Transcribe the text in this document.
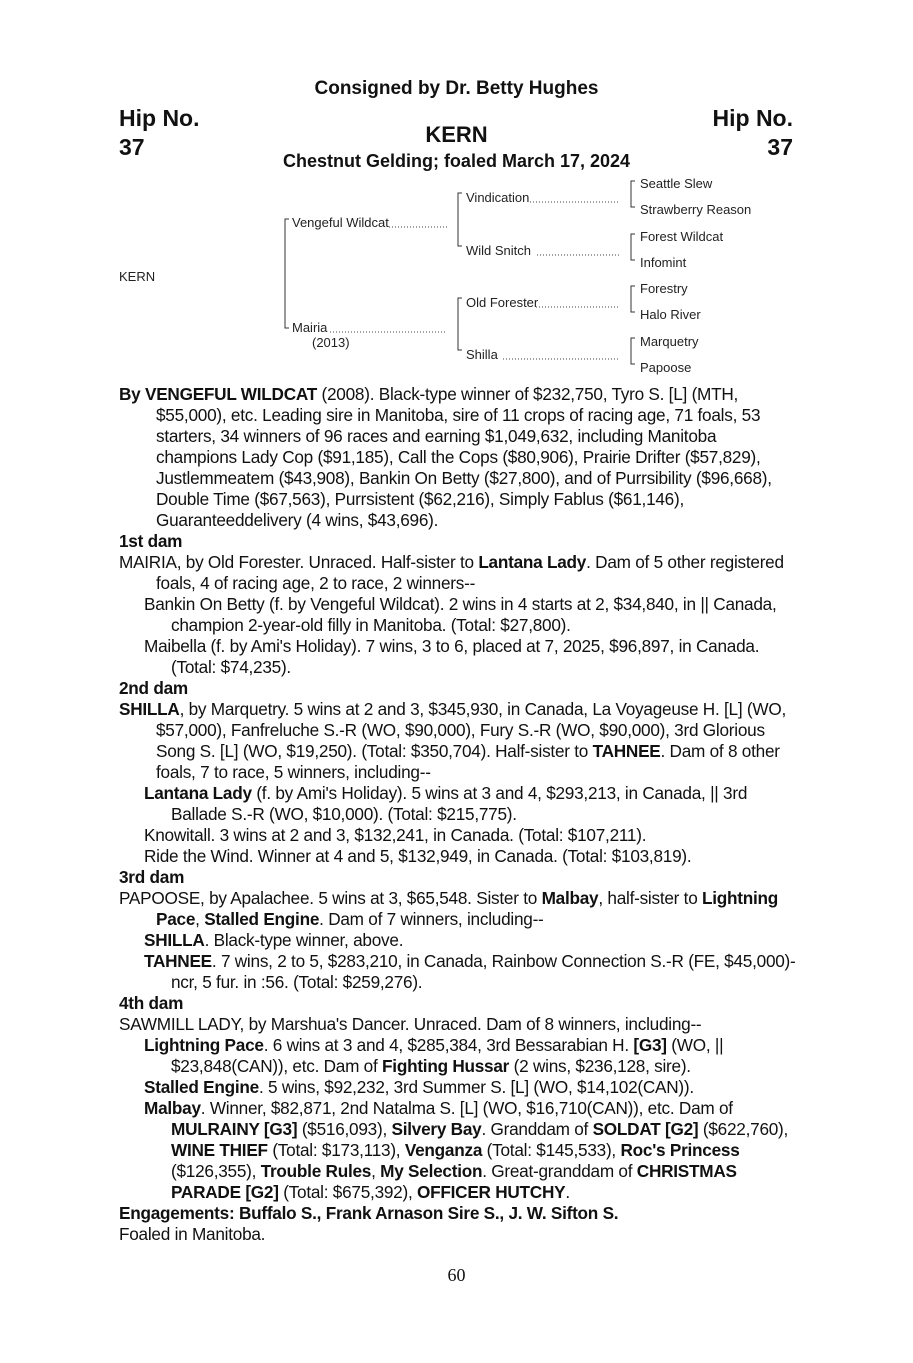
Consigned by Dr. Betty Hughes
Hip No.
37
Hip No.
37
KERN
Chestnut Gelding; foaled March 17, 2024
KERN
Vengeful Wildcat
Mairia
(2013)
Vindication
Wild Snitch
Old Forester
Shilla
Seattle Slew
Strawberry Reason
Forest Wildcat
Infomint
Forestry
Halo River
Marquetry
Papoose

By VENGEFUL WILDCAT (2008). Black-type winner of $232,750, Tyro S. [L] (MTH, $55,000), etc. Leading sire in Manitoba, sire of 11 crops of racing age, 71 foals, 53 starters, 34 winners of 96 races and earning $1,049,632, including Manitoba champions Lady Cop ($91,185), Call the Cops ($80,906), Prairie Drifter ($57,829), Justlemmeatem ($43,908), Bankin On Betty ($27,800), and of Purrsibility ($96,668), Double Time ($67,563), Purrsistent ($62,216), Simply Fablus ($61,146), Guaranteeddelivery (4 wins, $43,696).

1st dam

MAIRIA, by Old Forester. Unraced. Half-sister to Lantana Lady. Dam of 5 other registered foals, 4 of racing age, 2 to race, 2 winners--

Bankin On Betty (f. by Vengeful Wildcat). 2 wins in 4 starts at 2, $34,840, in || Canada, champion 2-year-old filly in Manitoba. (Total: $27,800).

Maibella (f. by Ami's Holiday). 7 wins, 3 to 6, placed at 7, 2025, $96,897, in Canada. (Total: $74,235).

2nd dam

SHILLA, by Marquetry. 5 wins at 2 and 3, $345,930, in Canada, La Voyageuse H. [L] (WO, $57,000), Fanfreluche S.-R (WO, $90,000), Fury S.-R (WO, $90,000), 3rd Glorious Song S. [L] (WO, $19,250). (Total: $350,704). Half-sister to TAHNEE. Dam of 8 other foals, 7 to race, 5 winners, including--

Lantana Lady (f. by Ami's Holiday). 5 wins at 3 and 4, $293,213, in Canada, || 3rd Ballade S.-R (WO, $10,000). (Total: $215,775).

Knowitall. 3 wins at 2 and 3, $132,241, in Canada. (Total: $107,211).

Ride the Wind. Winner at 4 and 5, $132,949, in Canada. (Total: $103,819).

3rd dam

PAPOOSE, by Apalachee. 5 wins at 3, $65,548. Sister to Malbay, half-sister to Lightning Pace, Stalled Engine. Dam of 7 winners, including--

SHILLA. Black-type winner, above.

TAHNEE. 7 wins, 2 to 5, $283,210, in Canada, Rainbow Connection S.-R (FE, $45,000)-ncr, 5 fur. in :56. (Total: $259,276).

4th dam

SAWMILL LADY, by Marshua's Dancer. Unraced. Dam of 8 winners, including--

Lightning Pace. 6 wins at 3 and 4, $285,384, 3rd Bessarabian H. [G3] (WO, || $23,848(CAN)), etc. Dam of Fighting Hussar (2 wins, $236,128, sire).

Stalled Engine. 5 wins, $92,232, 3rd Summer S. [L] (WO, $14,102(CAN)).

Malbay. Winner, $82,871, 2nd Natalma S. [L] (WO, $16,710(CAN)), etc. Dam of MULRAINY [G3] ($516,093), Silvery Bay. Granddam of SOLDAT [G2] ($622,760), WINE THIEF (Total: $173,113), Venganza (Total: $145,533), Roc's Princess ($126,355), Trouble Rules, My Selection. Great-granddam of CHRISTMAS PARADE [G2] (Total: $675,392), OFFICER HUTCHY.

Engagements: Buffalo S., Frank Arnason Sire S., J. W. Sifton S.

Foaled in Manitoba.

60
